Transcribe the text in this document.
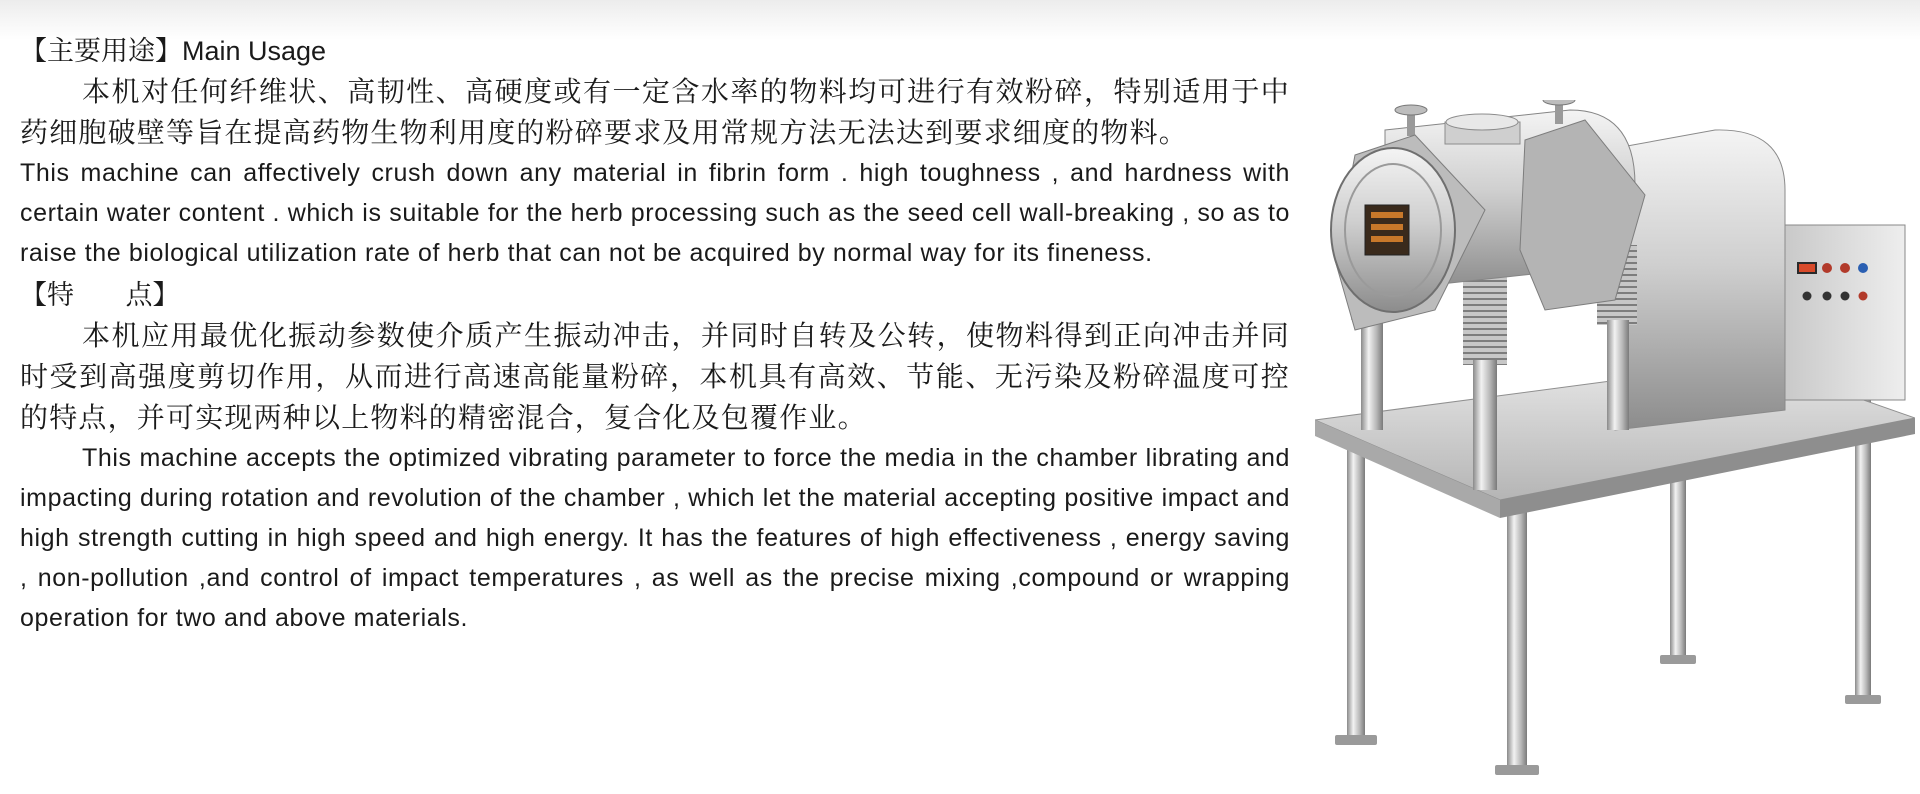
【主要用途】Main Usage

本机对任何纤维状、高韧性、高硬度或有一定含水率的物料均可进行有效粉碎，特别适用于中药细胞破壁等旨在提高药物生物利用度的粉碎要求及用常规方法无法达到要求细度的物料。

This machine can affectively crush down any material in fibrin form . high toughness , and hardness with certain water content . which is suitable for the herb processing such as the seed cell wall-breaking , so as to raise the biological utilization rate of herb that can not be acquired by normal way for its fineness.

【特      点】

本机应用最优化振动参数使介质产生振动冲击，并同时自转及公转，使物料得到正向冲击并同时受到高强度剪切作用，从而进行高速高能量粉碎，本机具有高效、节能、无污染及粉碎温度可控的特点，并可实现两种以上物料的精密混合，复合化及包覆作业。

This machine accepts the optimized vibrating parameter to force the media in the chamber librating and impacting during rotation and revolution of the chamber , which let the material accepting positive impact and high strength cutting in high speed and high energy. It has the features of high effectiveness , energy saving , non-pollution ,and control of impact temperatures , as well as the precise mixing ,compound or wrapping operation for two and above materials.
